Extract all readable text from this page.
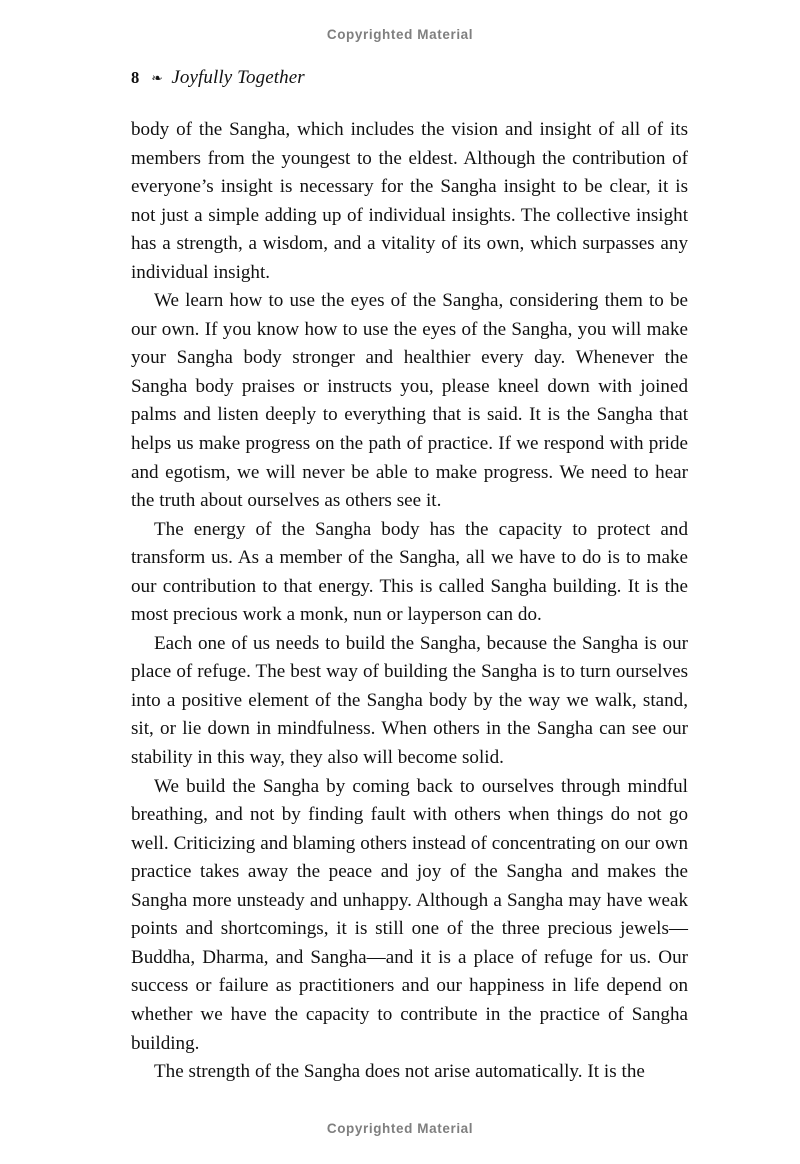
Copyrighted Material
8 ❧ Joyfully Together

body of the Sangha, which includes the vision and insight of all of its members from the youngest to the eldest. Although the contribution of everyone’s insight is necessary for the Sangha insight to be clear, it is not just a simple adding up of individual insights. The collective insight has a strength, a wisdom, and a vitality of its own, which surpasses any individual insight.

We learn how to use the eyes of the Sangha, considering them to be our own. If you know how to use the eyes of the Sangha, you will make your Sangha body stronger and healthier every day. Whenever the Sangha body praises or instructs you, please kneel down with joined palms and listen deeply to everything that is said. It is the Sangha that helps us make progress on the path of practice. If we respond with pride and egotism, we will never be able to make progress. We need to hear the truth about ourselves as others see it.

The energy of the Sangha body has the capacity to protect and transform us. As a member of the Sangha, all we have to do is to make our contribution to that energy. This is called Sangha building. It is the most precious work a monk, nun or layperson can do.

Each one of us needs to build the Sangha, because the Sangha is our place of refuge. The best way of building the Sangha is to turn ourselves into a positive element of the Sangha body by the way we walk, stand, sit, or lie down in mindfulness. When others in the Sangha can see our stability in this way, they also will become solid.

We build the Sangha by coming back to ourselves through mindful breathing, and not by finding fault with others when things do not go well. Criticizing and blaming others instead of concentrating on our own practice takes away the peace and joy of the Sangha and makes the Sangha more unsteady and unhappy. Although a Sangha may have weak points and shortcomings, it is still one of the three precious jewels—Buddha, Dharma, and Sangha—and it is a place of refuge for us. Our success or failure as practitioners and our happiness in life depend on whether we have the capacity to contribute in the practice of Sangha building.

The strength of the Sangha does not arise automatically. It is the

Copyrighted Material
